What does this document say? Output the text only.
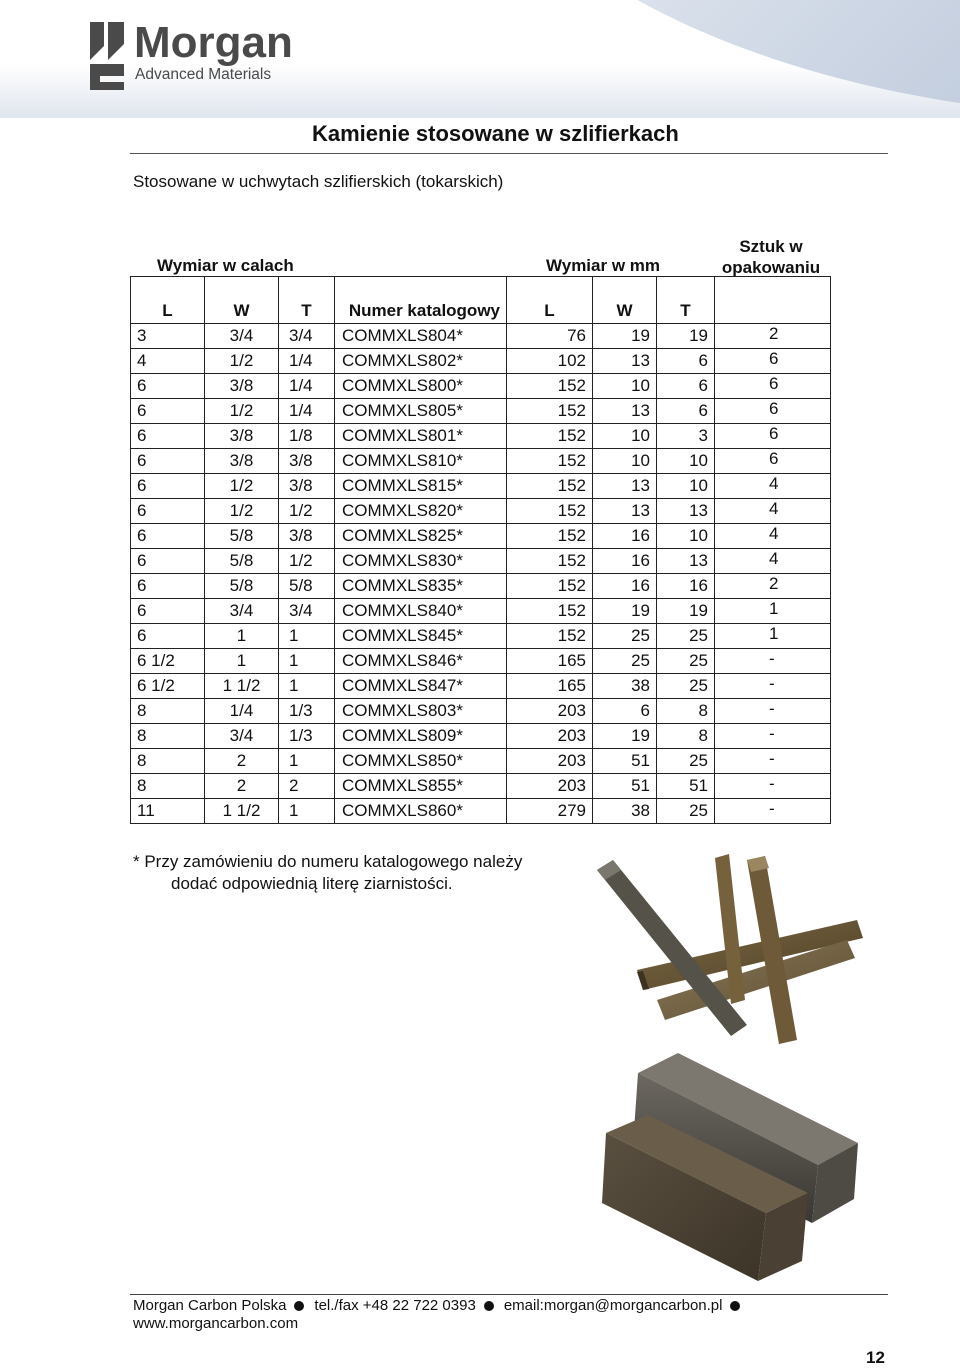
Morgan
Advanced Materials
Kamienie stosowane w szlifierkach
Stosowane w uchwytach szlifierskich (tokarskich)
Wymiar w calach	Wymiar w mm
Sztuk w opakowaniu
L	W	T	Numer katalogowy	L	W	T	
3	3/4	3/4	COMMXLS804*	76	19	19	2
4	1/2	1/4	COMMXLS802*	102	13	6	6
6	3/8	1/4	COMMXLS800*	152	10	6	6
6	1/2	1/4	COMMXLS805*	152	13	6	6
6	3/8	1/8	COMMXLS801*	152	10	3	6
6	3/8	3/8	COMMXLS810*	152	10	10	6
6	1/2	3/8	COMMXLS815*	152	13	10	4
6	1/2	1/2	COMMXLS820*	152	13	13	4
6	5/8	3/8	COMMXLS825*	152	16	10	4
6	5/8	1/2	COMMXLS830*	152	16	13	4
6	5/8	5/8	COMMXLS835*	152	16	16	2
6	3/4	3/4	COMMXLS840*	152	19	19	1
6	1	1	COMMXLS845*	152	25	25	1
6 1/2	1	1	COMMXLS846*	165	25	25	-
6 1/2	1 1/2	1	COMMXLS847*	165	38	25	-
8	1/4	1/3	COMMXLS803*	203	6	8	-
8	3/4	1/3	COMMXLS809*	203	19	8	-
8	2	1	COMMXLS850*	203	51	25	-
8	2	2	COMMXLS855*	203	51	51	-
11	1 1/2	1	COMMXLS860*	279	38	25	-
* Przy zamówieniu do numeru katalogowego należy
dodać odpowiednią literę ziarnistości.
Morgan Carbon Polska tel./fax +48 22 722 0393 email:morgan@morgancarbon.pl
www.morgancarbon.com
12
